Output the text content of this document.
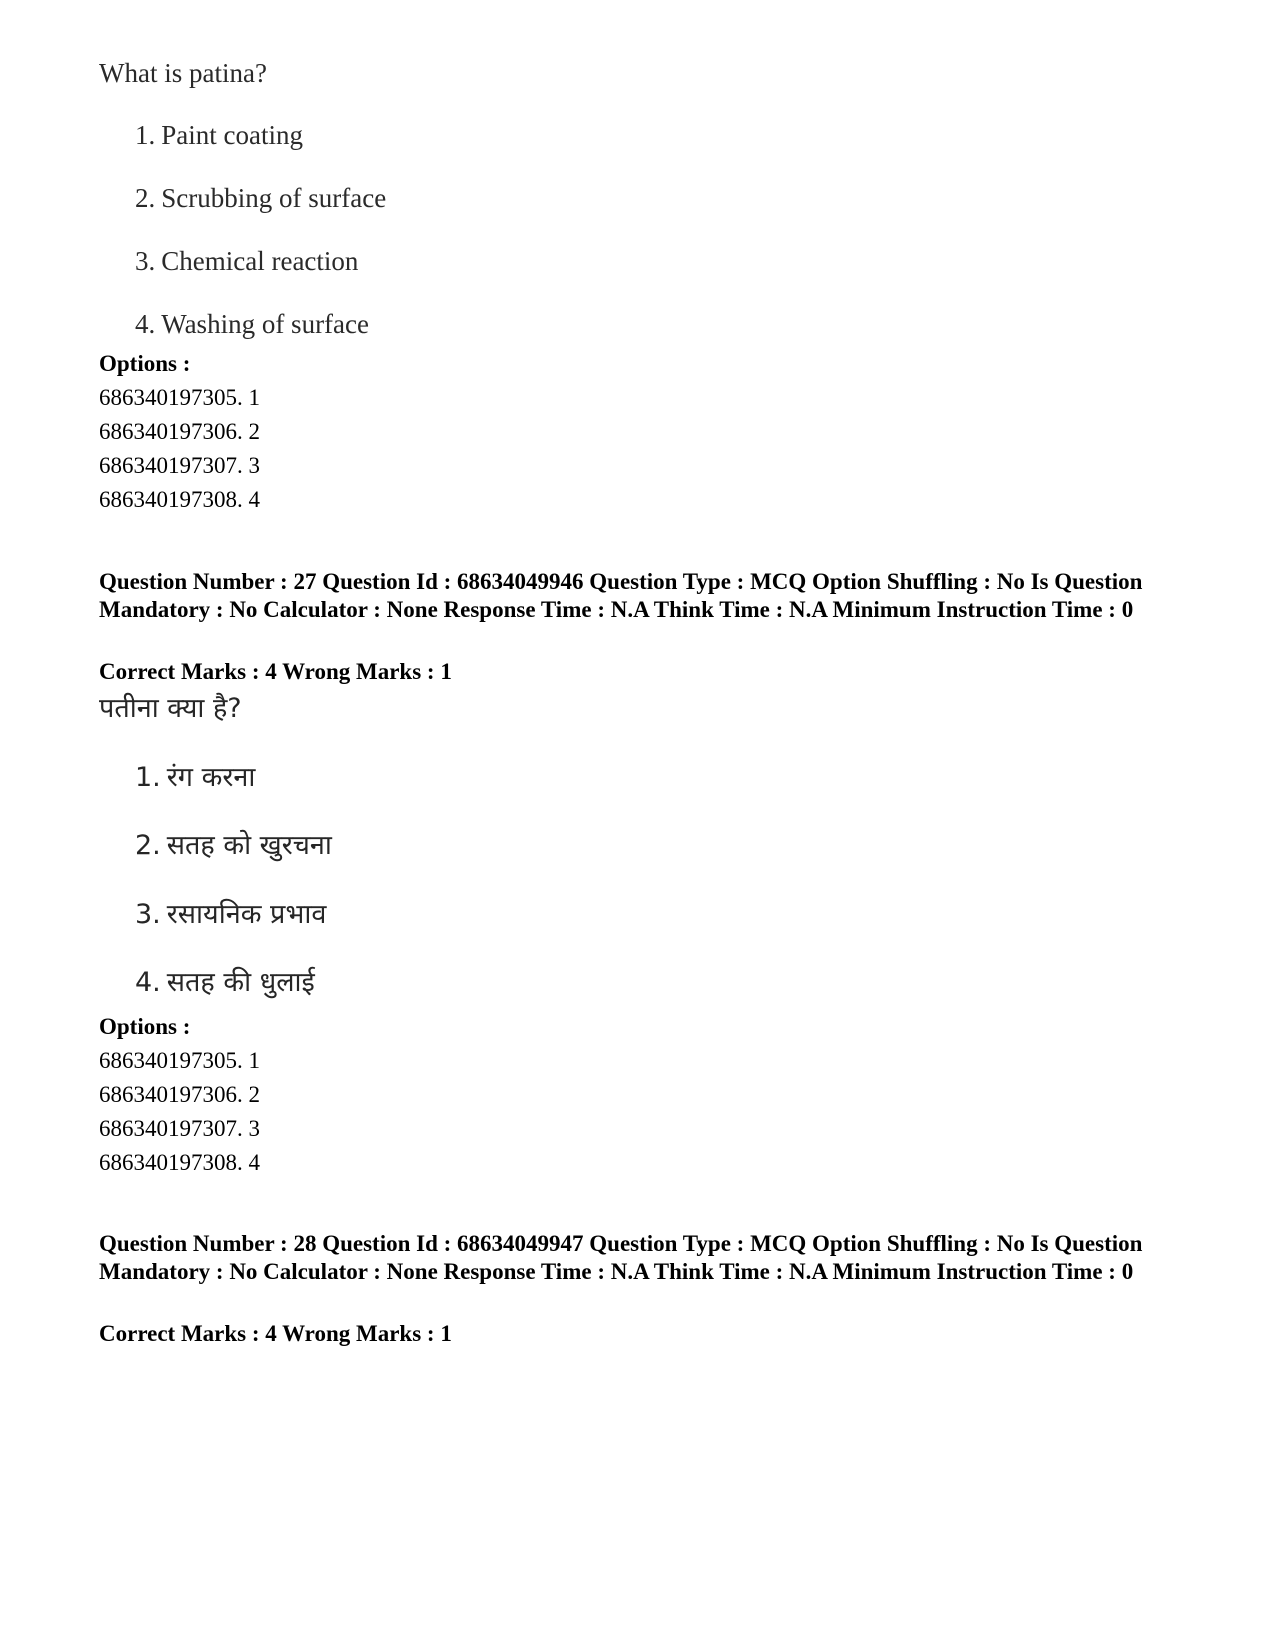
What is patina?
1. Paint coating
2. Scrubbing of surface
3. Chemical reaction
4. Washing of surface
Options :
686340197305. 1
686340197306. 2
686340197307. 3
686340197308. 4
Question Number : 27 Question Id : 68634049946 Question Type : MCQ Option Shuffling : No Is Question Mandatory : No Calculator : None Response Time : N.A Think Time : N.A Minimum Instruction Time : 0
Correct Marks : 4 Wrong Marks : 1
पतीना क्या है?
1. रंग करना
2. सतह को खुरचना
3. रसायनिक प्रभाव
4. सतह की धुलाई
Options :
686340197305. 1
686340197306. 2
686340197307. 3
686340197308. 4
Question Number : 28 Question Id : 68634049947 Question Type : MCQ Option Shuffling : No Is Question Mandatory : No Calculator : None Response Time : N.A Think Time : N.A Minimum Instruction Time : 0
Correct Marks : 4 Wrong Marks : 1
